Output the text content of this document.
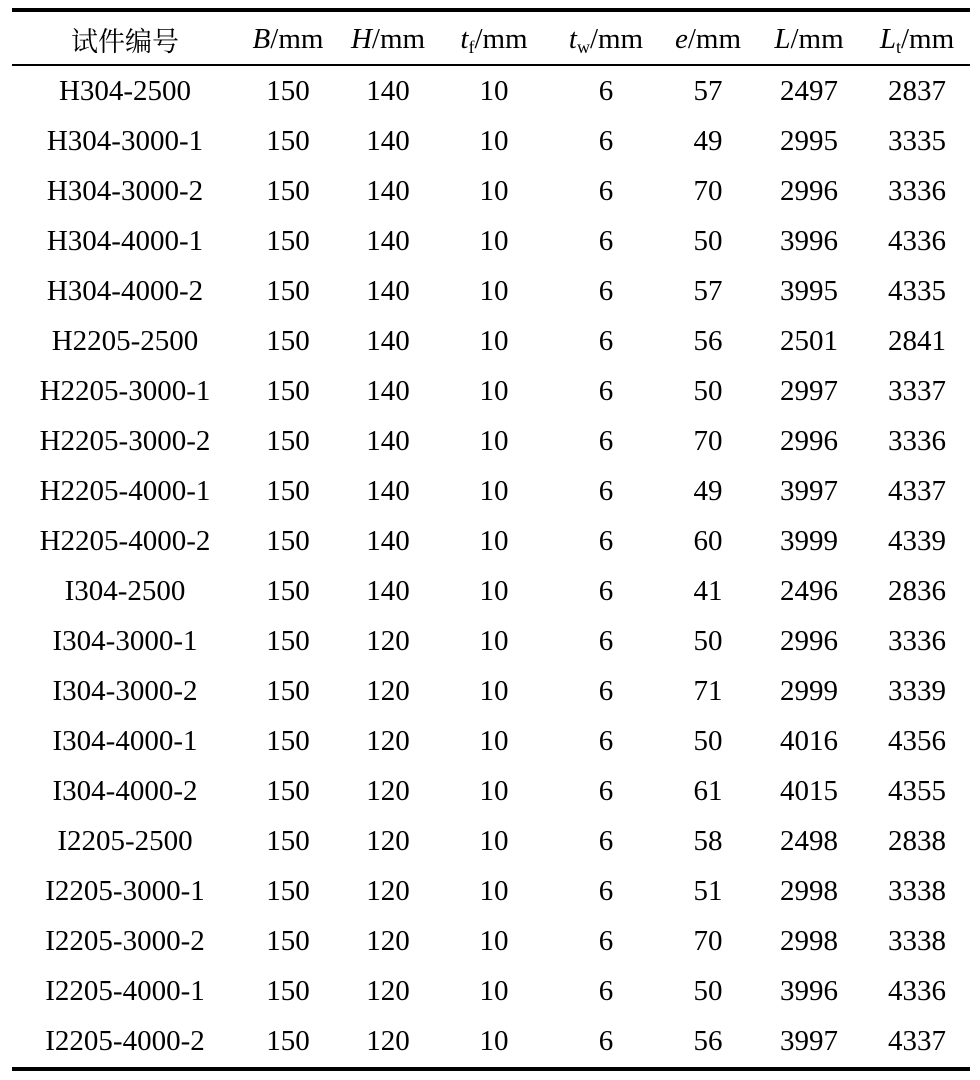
试件编号	B/mm	H/mm	$t_f/mm$	$t_w/mm$	e/mm	L/mm	$L_t/mm$
H304-2500	150	140	10	6	57	2497	2837
H304-3000-1	150	140	10	6	49	2995	3335
H304-3000-2	150	140	10	6	70	2996	3336
H304-4000-1	150	140	10	6	50	3996	4336
H304-4000-2	150	140	10	6	57	3995	4335
H2205-2500	150	140	10	6	56	2501	2841
H2205-3000-1	150	140	10	6	50	2997	3337
H2205-3000-2	150	140	10	6	70	2996	3336
H2205-4000-1	150	140	10	6	49	3997	4337
H2205-4000-2	150	140	10	6	60	3999	4339
I304-2500	150	140	10	6	41	2496	2836
I304-3000-1	150	120	10	6	50	2996	3336
I304-3000-2	150	120	10	6	71	2999	3339
I304-4000-1	150	120	10	6	50	4016	4356
I304-4000-2	150	120	10	6	61	4015	4355
I2205-2500	150	120	10	6	58	2498	2838
I2205-3000-1	150	120	10	6	51	2998	3338
I2205-3000-2	150	120	10	6	70	2998	3338
I2205-4000-1	150	120	10	6	50	3996	4336
I2205-4000-2	150	120	10	6	56	3997	4337
